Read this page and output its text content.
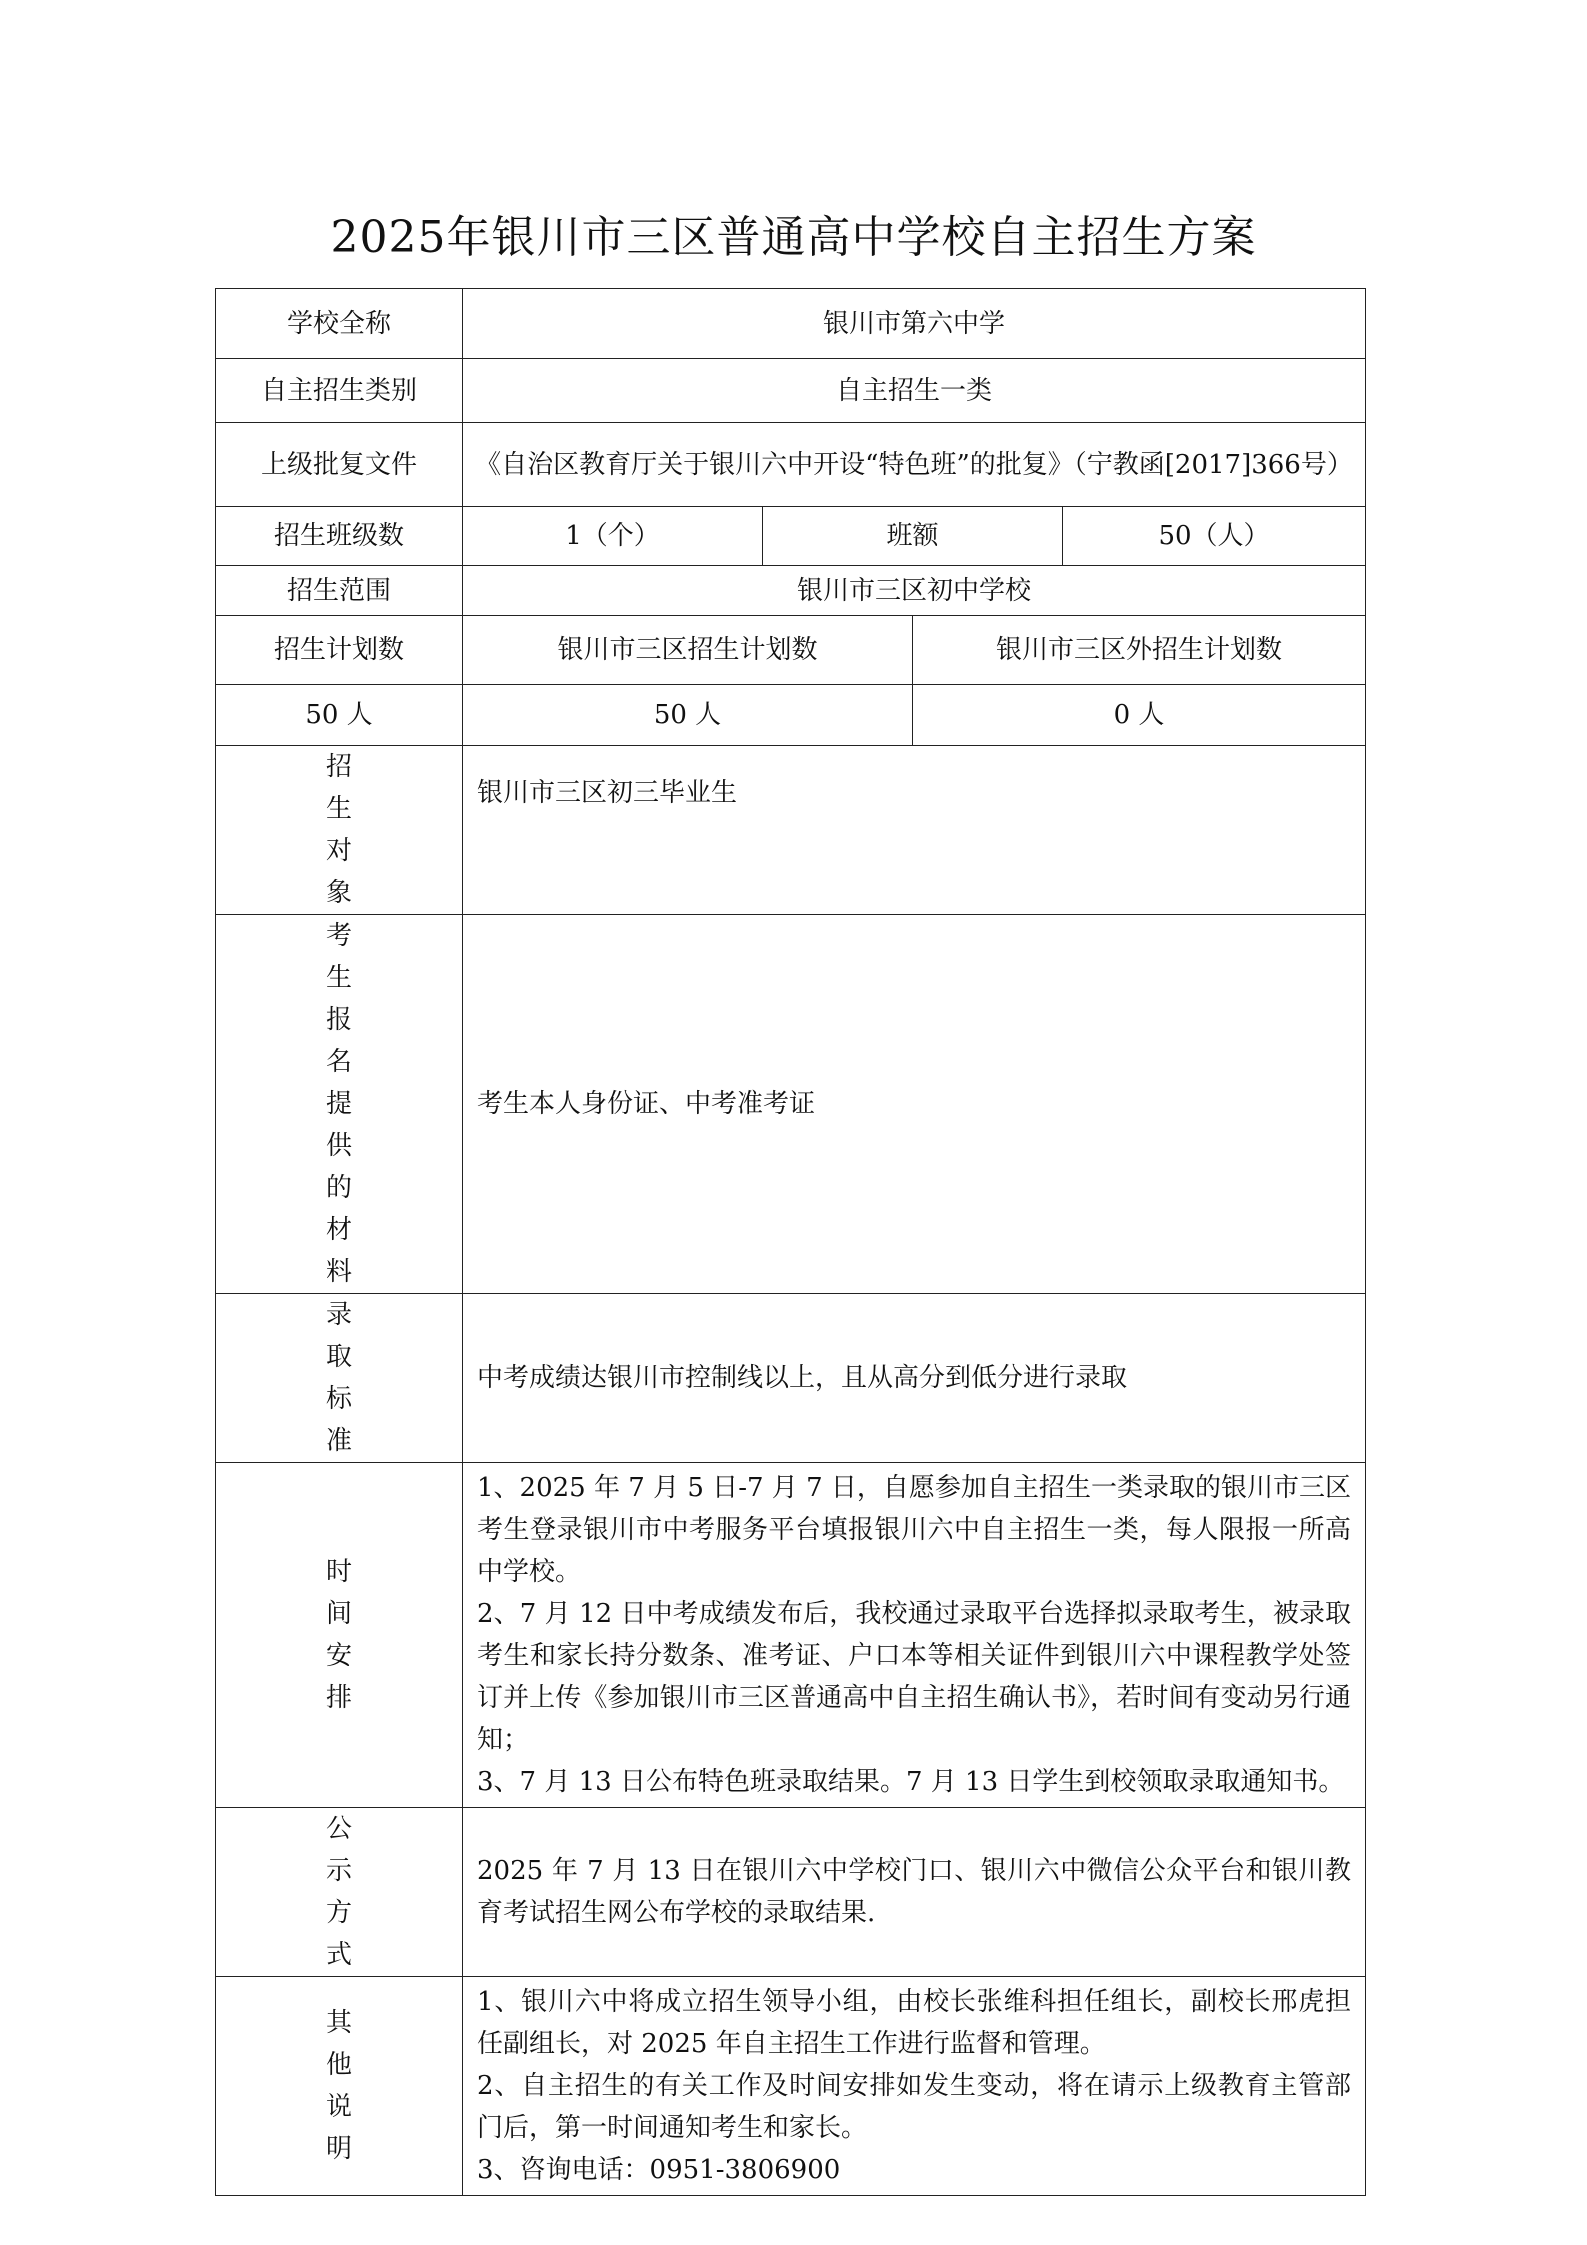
2025年银川市三区普通高中学校自主招生方案
学校全称	银川市第六中学			
自主招生类别	自主招生一类			
上级批复文件	《自治区教育厅关于银川六中开设“特色班”的批复》（宁教函[2017]366号）			
招生班级数	1（个）	班额		50（人）
招生范围	银川市三区初中学校			
招生计划数	银川市三区招生计划数		银川市三区外招生计划数	
50 人	50 人		0 人	
招生对象	银川市三区初三毕业生			
考生报名提供的材料	考生本人身份证、中考准考证			
录取标准	中考成绩达银川市控制线以上，且从高分到低分进行录取			
时间安排	1、2025 年 7 月 5 日-7 月 7 日，自愿参加自主招生一类录取的银川市三区考生登录银川市中考服务平台填报银川六中自主招生一类，每人限报一所高中学校。
2、7 月 12 日中考成绩发布后，我校通过录取平台选择拟录取考生，被录取考生和家长持分数条、准考证、户口本等相关证件到银川六中课程教学处签订并上传《参加银川市三区普通高中自主招生确认书》，若时间有变动另行通知；
3、7 月 13 日公布特色班录取结果。7 月 13 日学生到校领取录取通知书。			

公示方式	2025 年 7 月 13 日在银川六中学校门口、银川六中微信公众平台和银川教育考试招生网公布学校的录取结果.			
其他说明	1、银川六中将成立招生领导小组，由校长张维科担任组长，副校长邢虎担任副组长，对 2025 年自主招生工作进行监督和管理。
2、自主招生的有关工作及时间安排如发生变动，将在请示上级教育主管部门后，第一时间通知考生和家长。
3、咨询电话：0951-3806900			
